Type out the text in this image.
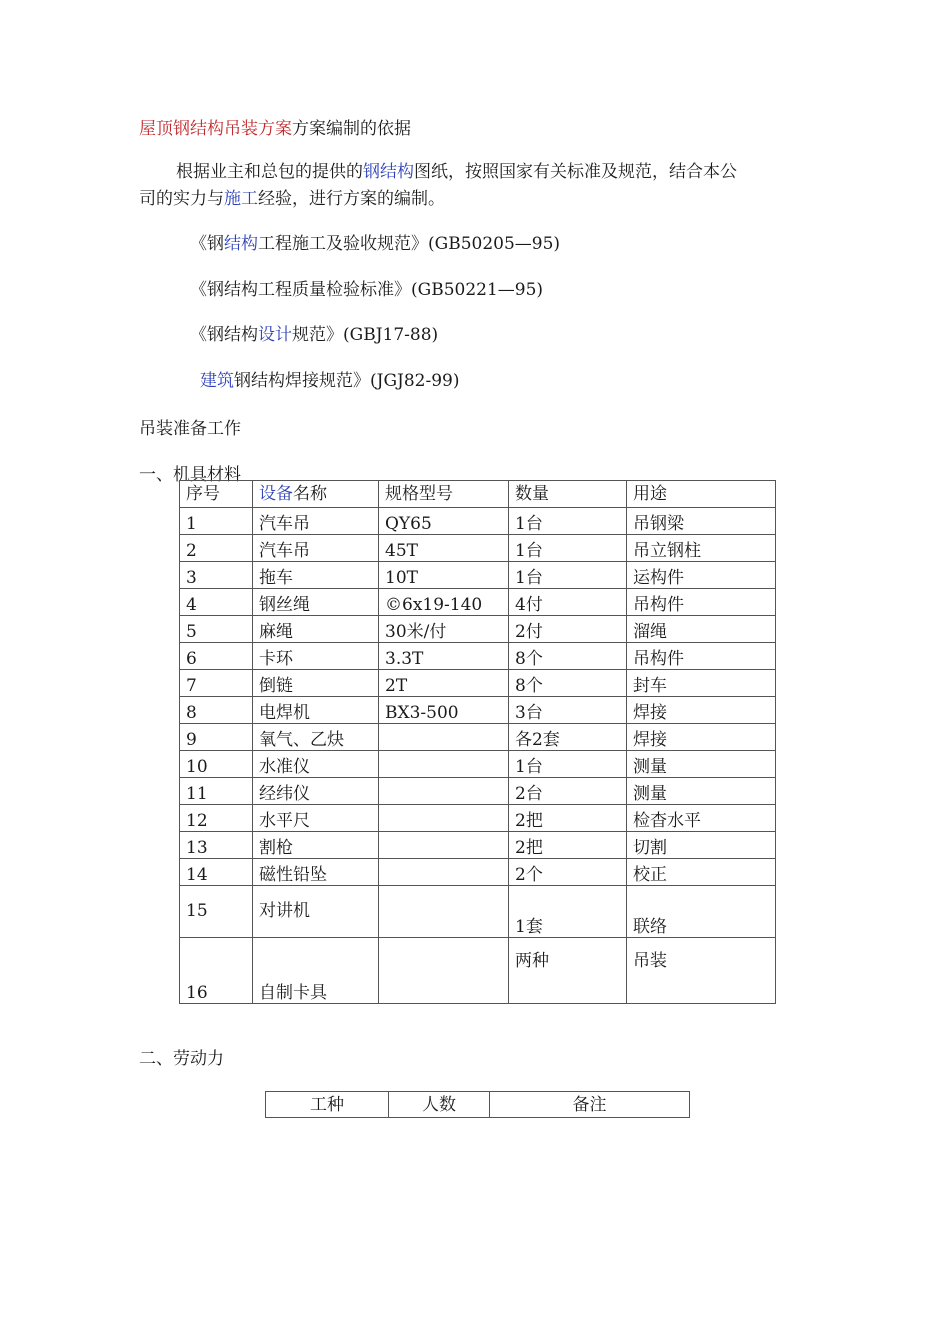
屋顶钢结构吊装方案方案编制的依据
根据业主和总包的提供的钢结构图纸，按照国家有关标准及规范，结合本公
司的实力与施工经验，进行方案的编制。
《钢结构工程施工及验收规范》(GB50205—95)
《钢结构工程质量检验标准》(GB50221—95)
《钢结构设计规范》(GBJ17-88)
建筑钢结构焊接规范》(JGJ82-99)
吊装准备工作
一、机具材料
序号	设备名称	规格型号	数量	用途
1	汽车吊	QY65	1台	吊钢梁
2	汽车吊	45T	1台	吊立钢柱
3	拖车	10T	1台	运构件
4	钢丝绳	©6x19-140	4付	吊构件
5	麻绳	30米/付	2付	溜绳
6	卡环	3.3T	8个	吊构件
7	倒链	2T	8个	封车
8	电焊机	BX3-500	3台	焊接
9	氧气、乙炔		各2套	焊接
10	水准仪		1台	测量
11	经纬仪		2台	测量
12	水平尺		2把	检杳水平
13	割枪		2把	切割
14	磁性铅坠		2个	校正
15	对讲机		1套	联络
16	自制卡具		两种	吊装
二、劳动力
工种	人数	备注
